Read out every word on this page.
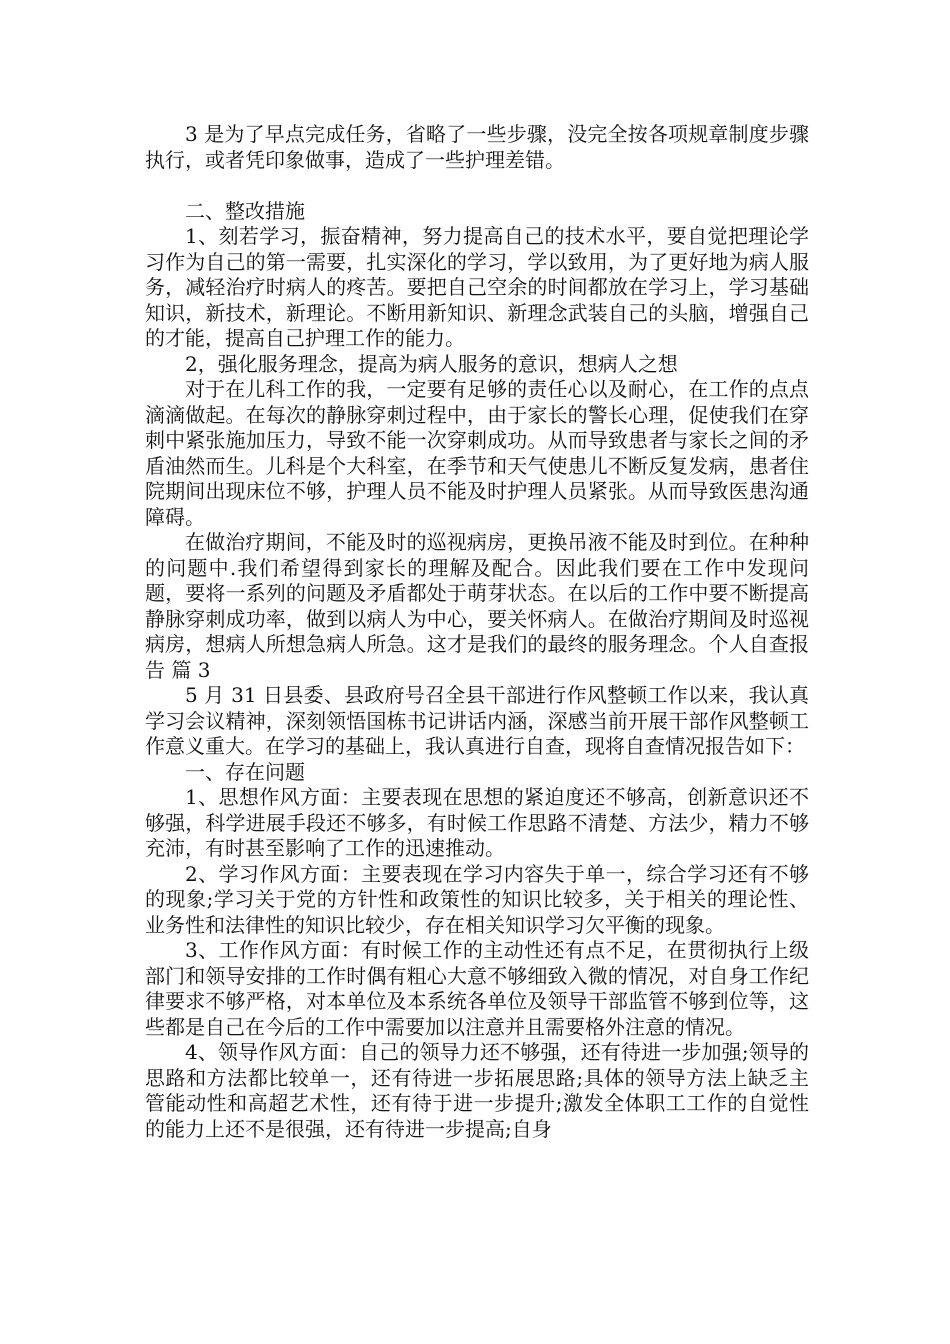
3 是为了早点完成任务，省略了一些步骤，没完全按各项规章制度步骤执行，或者凭印象做事，造成了一些护理差错。

二、整改措施

1、刻若学习，振奋精神，努力提高自己的技术水平，要自觉把理论学习作为自己的第一需要，扎实深化的学习，学以致用，为了更好地为病人服务，减轻治疗时病人的疼苦。要把自己空余的时间都放在学习上，学习基础知识，新技术，新理论。不断用新知识、新理念武装自己的头脑，增强自己的才能，提高自己护理工作的能力。

2，强化服务理念，提高为病人服务的意识，想病人之想

对于在儿科工作的我，一定要有足够的责任心以及耐心，在工作的点点滴滴做起。在每次的静脉穿刺过程中，由于家长的警长心理，促使我们在穿刺中紧张施加压力，导致不能一次穿刺成功。从而导致患者与家长之间的矛盾油然而生。儿科是个大科室，在季节和天气使患儿不断反复发病，患者住院期间出现床位不够，护理人员不能及时护理人员紧张。从而导致医患沟通障碍。

在做治疗期间，不能及时的巡视病房，更换吊液不能及时到位。在种种的问题中.我们希望得到家长的理解及配合。因此我们要在工作中发现问题，要将一系列的问题及矛盾都处于萌芽状态。在以后的工作中要不断提高静脉穿刺成功率，做到以病人为中心，要关怀病人。在做治疗期间及时巡视病房，想病人所想急病人所急。这才是我们的最终的服务理念。个人自查报告 篇 3

5 月 31 日县委、县政府号召全县干部进行作风整顿工作以来，我认真学习会议精神，深刻领悟国栋书记讲话内涵，深感当前开展干部作风整顿工作意义重大。在学习的基础上，我认真进行自查，现将自查情况报告如下：

一、存在问题

1、思想作风方面：主要表现在思想的紧迫度还不够高，创新意识还不够强，科学进展手段还不够多，有时候工作思路不清楚、方法少，精力不够充沛，有时甚至影响了工作的迅速推动。

2、学习作风方面：主要表现在学习内容失于单一，综合学习还有不够的现象;学习关于党的方针性和政策性的知识比较多，关于相关的理论性、业务性和法律性的知识比较少，存在相关知识学习欠平衡的现象。

3、工作作风方面：有时候工作的主动性还有点不足，在贯彻执行上级部门和领导安排的工作时偶有粗心大意不够细致入微的情况，对自身工作纪律要求不够严格，对本单位及本系统各单位及领导干部监管不够到位等，这些都是自己在今后的工作中需要加以注意并且需要格外注意的情况。

4、领导作风方面：自己的领导力还不够强，还有待进一步加强;领导的思路和方法都比较单一，还有待进一步拓展思路;具体的领导方法上缺乏主管能动性和高超艺术性，还有待于进一步提升;激发全体职工工作的自觉性的能力上还不是很强，还有待进一步提高;自身
